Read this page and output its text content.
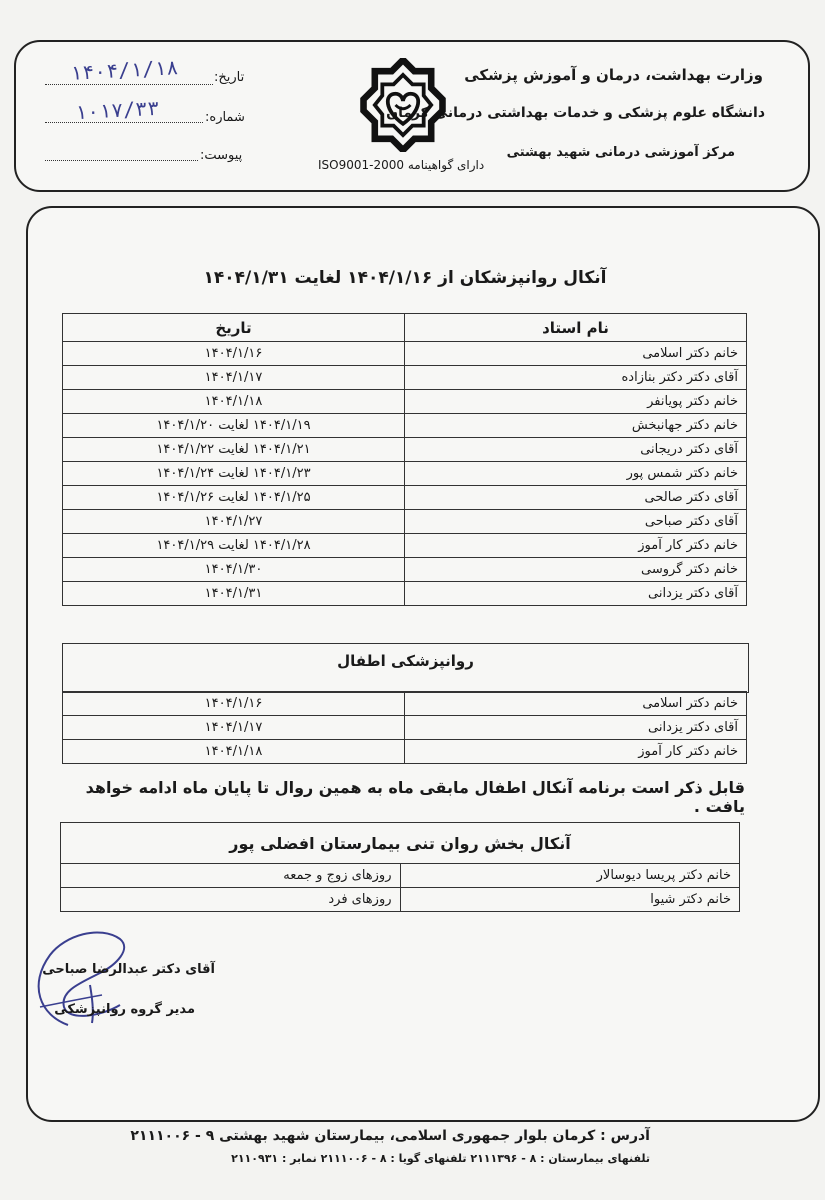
وزارت بهداشت، درمان و آموزش پزشکی
دانشگاه علوم پزشکی و خدمات بهداشتی درمانی کرمان
مرکز آموزشی درمانی شهید بهشتی
دارای گواهینامه ISO9001-2000
تاریخ:
۱۴۰۴/۱/۱۸
شماره:
۱۰۱۷/۳۳
پیوست:
آنکال روانپزشکان از ۱۴۰۴/۱/۱۶ لغایت ۱۴۰۴/۱/۳۱
نام استاد	تاریخ
خانم دکتر اسلامی	۱۴۰۴/۱/۱۶
آقای دکتر دکتر بنازاده	۱۴۰۴/۱/۱۷
خانم دکتر پویانفر	۱۴۰۴/۱/۱۸
خانم دکتر جهانبخش	۱۴۰۴/۱/۱۹ لغایت ۱۴۰۴/۱/۲۰
آقای دکتر دریجانی	۱۴۰۴/۱/۲۱ لغایت ۱۴۰۴/۱/۲۲
خانم دکتر شمس پور	۱۴۰۴/۱/۲۳ لغایت ۱۴۰۴/۱/۲۴
آقای دکتر صالحی	۱۴۰۴/۱/۲۵ لغایت ۱۴۰۴/۱/۲۶
آقای دکتر صباحی	۱۴۰۴/۱/۲۷
خانم دکتر کار آموز	۱۴۰۴/۱/۲۸ لغایت ۱۴۰۴/۱/۲۹
خانم دکتر گروسی	۱۴۰۴/۱/۳۰
آقای دکتر یزدانی	۱۴۰۴/۱/۳۱
روانپزشکی اطفال
خانم دکتر اسلامی	۱۴۰۴/۱/۱۶
آقای دکتر یزدانی	۱۴۰۴/۱/۱۷
خانم دکتر کار آموز	۱۴۰۴/۱/۱۸
قابل ذکر است برنامه آنکال اطفال مابقی ماه به همین روال تا پایان ماه ادامه خواهد یافت .
آنکال بخش روان تنی بیمارستان افضلی پور	
خانم دکتر پریسا دیوسالار	روزهای زوج و جمعه
خانم دکتر شیوا	روزهای فرد
آقای دکتر عبدالرضا صباحی
مدیر گروه روانپزشکی
آدرس : کرمان بلوار جمهوری اسلامی، بیمارستان شهید بهشتی ۹ - ۲۱۱۱۰۰۶
تلفنهای بیمارستان : ۸ - ۲۱۱۱۳۹۶ تلفنهای گویا : ۸ - ۲۱۱۱۰۰۶ نمابر : ۲۱۱۰۹۳۱
